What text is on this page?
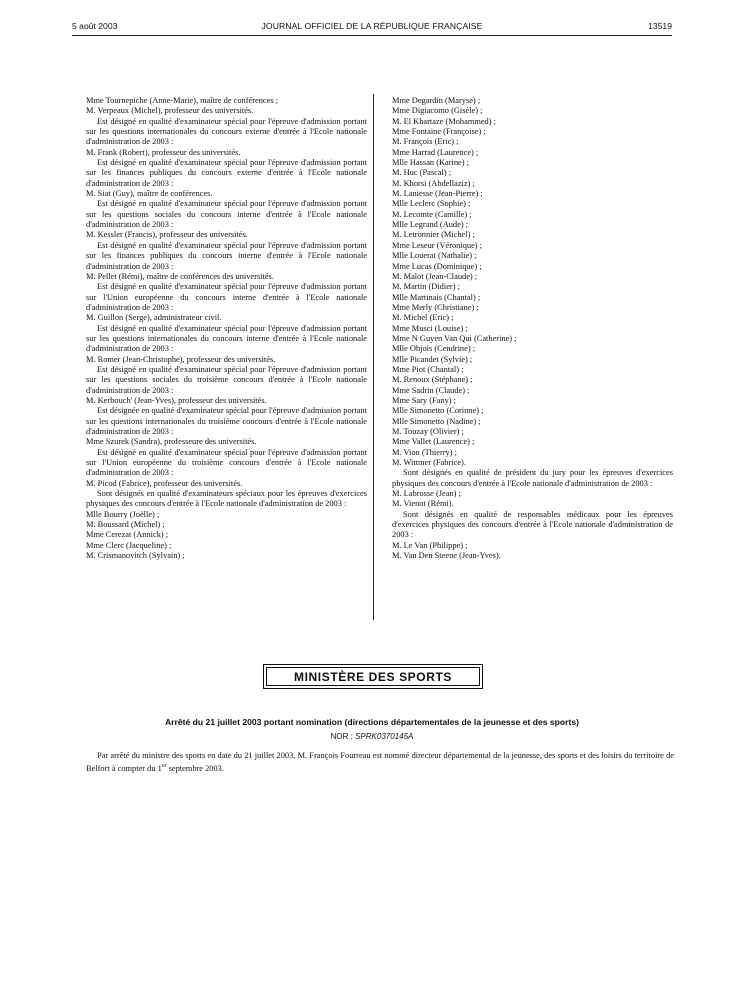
5 août 2003	JOURNAL OFFICIEL DE LA RÉPUBLIQUE FRANÇAISE	13519

Mme Tournepiche (Anne-Marie), maître de conférences ;

M. Verpeaux (Michel), professeur des universités.

Est désigné en qualité d'examinateur spécial pour l'épreuve d'admission portant sur les questions internationales du concours externe d'entrée à l'Ecole nationale d'administration de 2003 :

M. Frank (Robert), professeur des universités.

Est désigné en qualité d'examinateur spécial pour l'épreuve d'admission portant sur les finances publiques du concours externe d'entrée à l'Ecole nationale d'administration de 2003 :

M. Siat (Guy), maître de conférences.

Est désigné en qualité d'examinateur spécial pour l'épreuve d'admission portant sur les questions sociales du concours interne d'entrée à l'Ecole nationale d'administration de 2003 :

M. Kessler (Francis), professeur des universités.

Est désigné en qualité d'examinateur spécial pour l'épreuve d'admission portant sur les finances publiques du concours interne d'entrée à l'Ecole nationale d'administration de 2003 :

M. Pellet (Rémi), maître de conférences des universités.

Est désigné en qualité d'examinateur spécial pour l'épreuve d'admission portant sur l'Union européenne du concours interne d'entrée à l'Ecole nationale d'administration de 2003 :

M. Guillon (Serge), administrateur civil.

Est désigné en qualité d'examinateur spécial pour l'épreuve d'admission portant sur les questions internationales du concours interne d'entrée à l'Ecole nationale d'administration de 2003 :

M. Romer (Jean-Christophe), professeur des universités.

Est désigné en qualité d'examinateur spécial pour l'épreuve d'admission portant sur les questions sociales du troisième concours d'entrée à l'Ecole nationale d'administration de 2003 :

M. Kerbouch' (Jean-Yves), professeur des universités.

Est désignée en qualité d'examinateur spécial pour l'épreuve d'admission portant sur les questions internationales du troisième concours d'entrée à l'Ecole nationale d'administration de 2003 :

Mme Szurek (Sandra), professeure des universités.

Est désigné en qualité d'examinateur spécial pour l'épreuve d'admission portant sur l'Union européenne du troisième concours d'entrée à l'Ecole nationale d'administration de 2003 :

M. Picod (Fabrice), professeur des universités.

Sont désignés en qualité d'examinateurs spéciaux pour les épreuves d'exercices physiques des concours d'entrée à l'Ecole nationale d'administration de 2003 :

Mlle Bourry (Joëlle) ;

M. Boussard (Michel) ;

Mme Cerezat (Annick) ;

Mme Clerc (Jacqueline) ;

M. Crismanovitch (Sylvain) ;

Mme Degardin (Maryse) ;

Mme Digiacomo (Gisèle) ;

M. El Khartaze (Mohammed) ;

Mme Fontaine (Françoise) ;

M. François (Eric) ;

Mme Harrad (Laurence) ;

Mlle Hassan (Karine) ;

M. Huc (Pascal) ;

M. Khorsi (Abdellaziz) ;

M. Laniesse (Jean-Pierre) ;

Mlle Leclerc (Sophie) ;

M. Lecomte (Camille) ;

Mlle Legrand (Aude) ;

M. Letronnier (Michel) ;

Mme Leseur (Véronique) ;

Mlle Louerat (Nathalie) ;

Mme Lucas (Dominique) ;

M. Malot (Jean-Claude) ;

M. Martin (Didier) ;

Mlle Martinais (Chantal) ;

Mme Merly (Christiane) ;

M. Michel (Eric) ;

Mme Musci (Louise) ;

Mme N Guyen Van Qui (Catherine) ;

Mlle Objois (Cendrine) ;

Mlle Picandet (Sylvie) ;

Mme Piot (Chantal) ;

M. Renoux (Stéphane) ;

Mme Sadrin (Claude) ;

Mme Sary (Fany) ;

Mlle Simonetto (Corinne) ;

Mlle Simonetto (Nadine) ;

M. Touzay (Olivier) ;

Mme Vallet (Laurence) ;

M. Vion (Thierry) ;

M. Wittmer (Fabrice).

Sont désignés en qualité de président du jury pour les épreuves d'exercices physiques des concours d'entrée à l'Ecole nationale d'administration de 2003 :

M. Labrosse (Jean) ;

M. Vienot (Rémi).

Sont désignés en qualité de responsables médicaux pour les épreuves d'exercices physiques des concours d'entrée à l'Ecole nationale d'administration de 2003 :

M. Le Van (Philippe) ;

M. Van Den Steene (Jean-Yves).

MINISTÈRE DES SPORTS
Arrêté du 21 juillet 2003 portant nomination (directions départementales de la jeunesse et des sports)
NOR : SPRK0370145A
Par arrêté du ministre des sports en date du 21 juillet 2003, M. François Fourreau est nommé directeur départemental de la jeunesse, des sports et des loisirs du territoire de Belfort à compter du 1er septembre 2003.
